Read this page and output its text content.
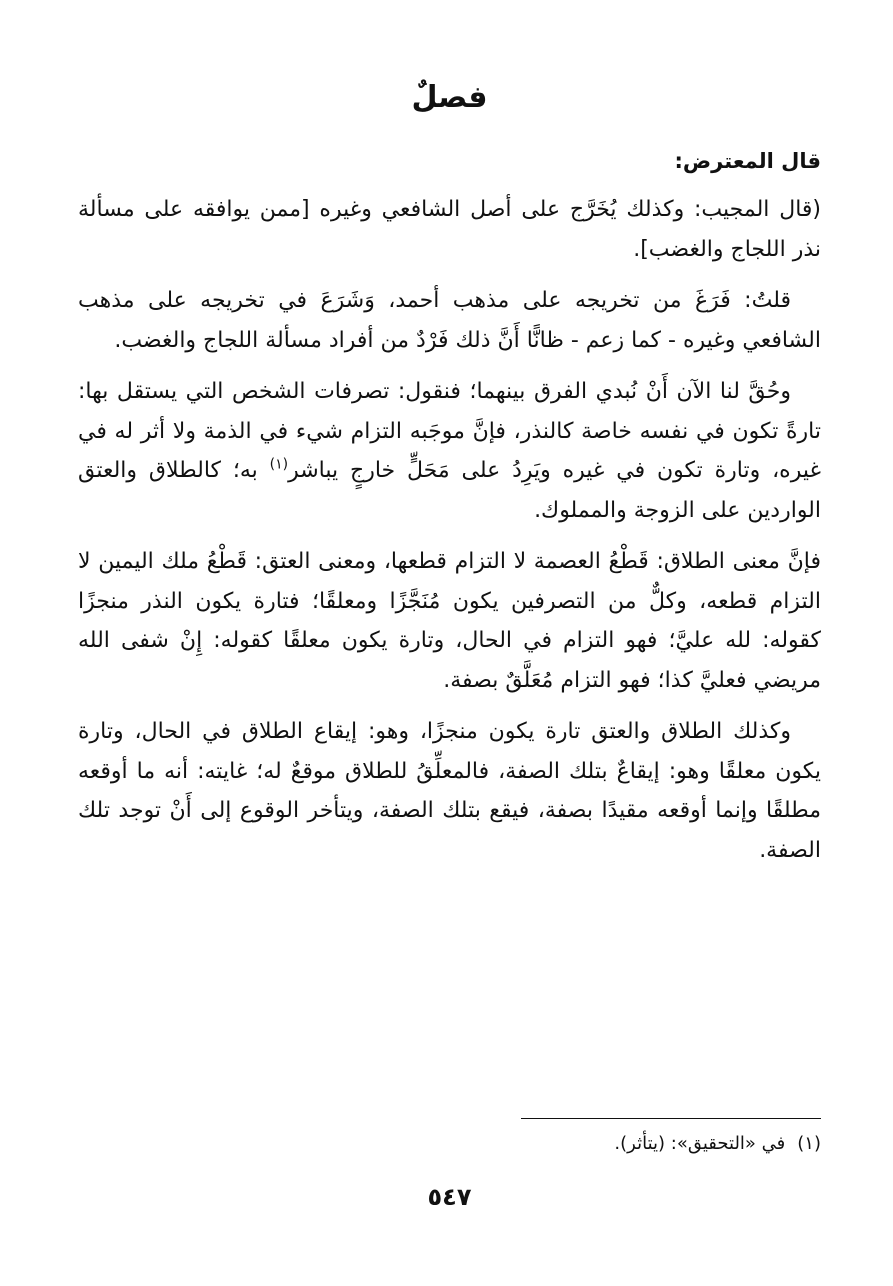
فصلٌ

قال المعترض:

(قال المجيب: وكذلك يُخَرَّج على أصل الشافعي وغيره [ممن يوافقه على مسألة نذر اللجاج والغضب].

قلتُ: فَرَغَ من تخريجه على مذهب أحمد، وَشَرَعَ في تخريجه على مذهب الشافعي وغيره - كما زعم - ظانًّا أَنَّ ذلك فَرْدٌ من أفراد مسألة اللجاج والغضب.

وحُقَّ لنا الآن أَنْ نُبدي الفرق بينهما؛ فنقول: تصرفات الشخص التي يستقل بها: تارةً تكون في نفسه خاصة كالنذر، فإنَّ موجَبه التزام شيء في الذمة ولا أثر له في غيره، وتارة تكون في غيره ويَرِدُ على مَحَلٍّ خارجٍ يباشر$^{(١)}$ به؛ كالطلاق والعتق الواردين على الزوجة والمملوك.

فإنَّ معنى الطلاق: قَطْعُ العصمة لا التزام قطعها، ومعنى العتق: قَطْعُ ملك اليمين لا التزام قطعه، وكلٌّ من التصرفين يكون مُنَجَّزًا ومعلقًا؛ فتارة يكون النذر منجزًا كقوله: لله عليَّ؛ فهو التزام في الحال، وتارة يكون معلقًا كقوله: إِنْ شفى الله مريضي فعليَّ كذا؛ فهو التزام مُعَلَّقٌ بصفة.

وكذلك الطلاق والعتق تارة يكون منجزًا، وهو: إيقاع الطلاق في الحال، وتارة يكون معلقًا وهو: إيقاعٌ بتلك الصفة، فالمعلِّقُ للطلاق موقعٌ له؛ غايته: أنه ما أوقعه مطلقًا وإنما أوقعه مقيدًا بصفة، فيقع بتلك الصفة، ويتأخر الوقوع إلى أَنْ توجد تلك الصفة.

(١)في «التحقيق»: (يتأثر).

٥٤٧
